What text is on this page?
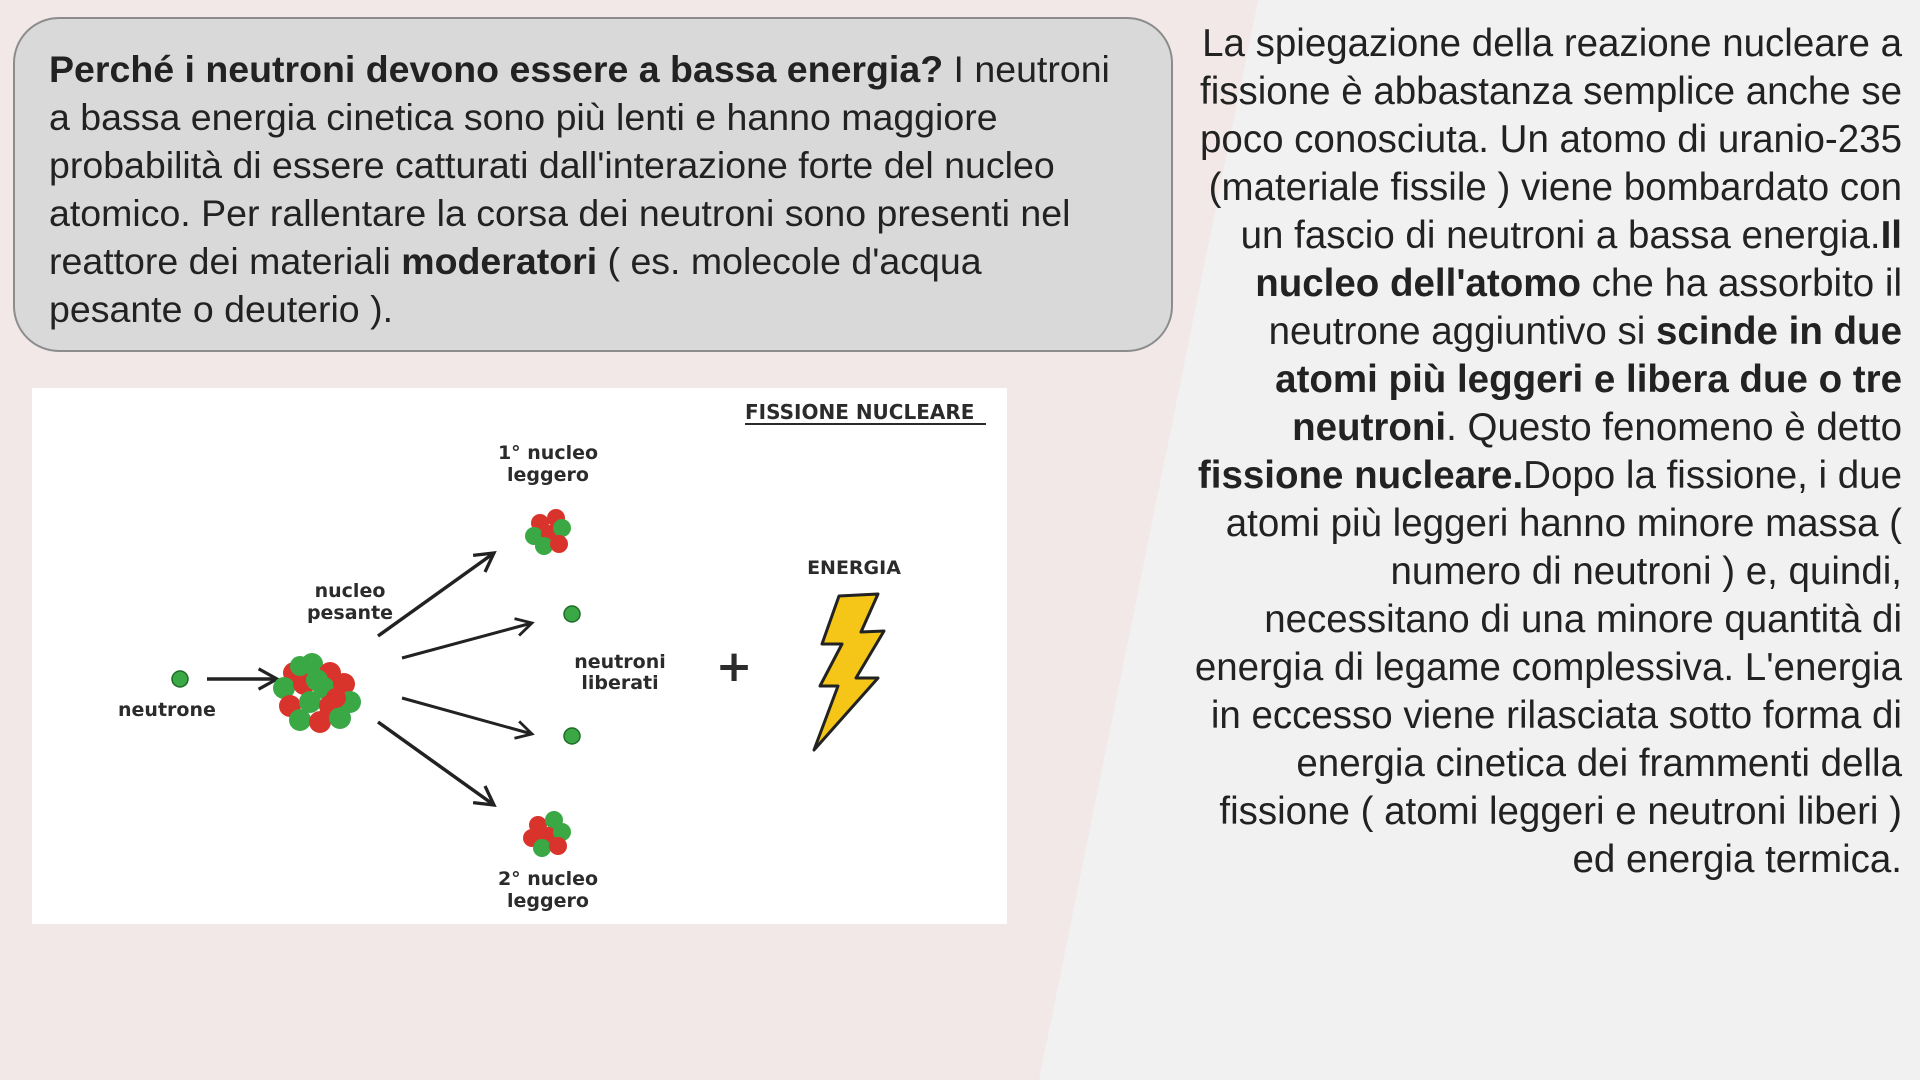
Perché i neutroni devono essere a bassa energia? I neutroni a bassa energia cinetica sono più lenti e hanno maggiore probabilità di essere catturati dall'interazione forte del nucleo atomico. Per rallentare la corsa dei neutroni sono presenti nel reattore dei materiali moderatori ( es. molecole d'acqua pesante o deuterio ).
FISSIONE NUCLEARE
neutrone
nucleo
pesante
1° nucleo
leggero
neutroni
liberati
2° nucleo
leggero
+
ENERGIA
La spiegazione della reazione nucleare a fissione è abbastanza semplice anche se poco conosciuta. Un atomo di uranio-235 (materiale fissile ) viene bombardato con un fascio di neutroni a bassa energia.Il nucleo dell'atomo che ha assorbito il neutrone aggiuntivo si scinde in due atomi più leggeri e libera due o tre neutroni. Questo fenomeno è detto fissione nucleare.Dopo la fissione, i due atomi più leggeri hanno minore massa ( numero di neutroni ) e, quindi, necessitano di una minore quantità di energia di legame complessiva. L'energia in eccesso viene rilasciata sotto forma di energia cinetica dei frammenti della fissione ( atomi leggeri e neutroni liberi ) ed energia termica.
